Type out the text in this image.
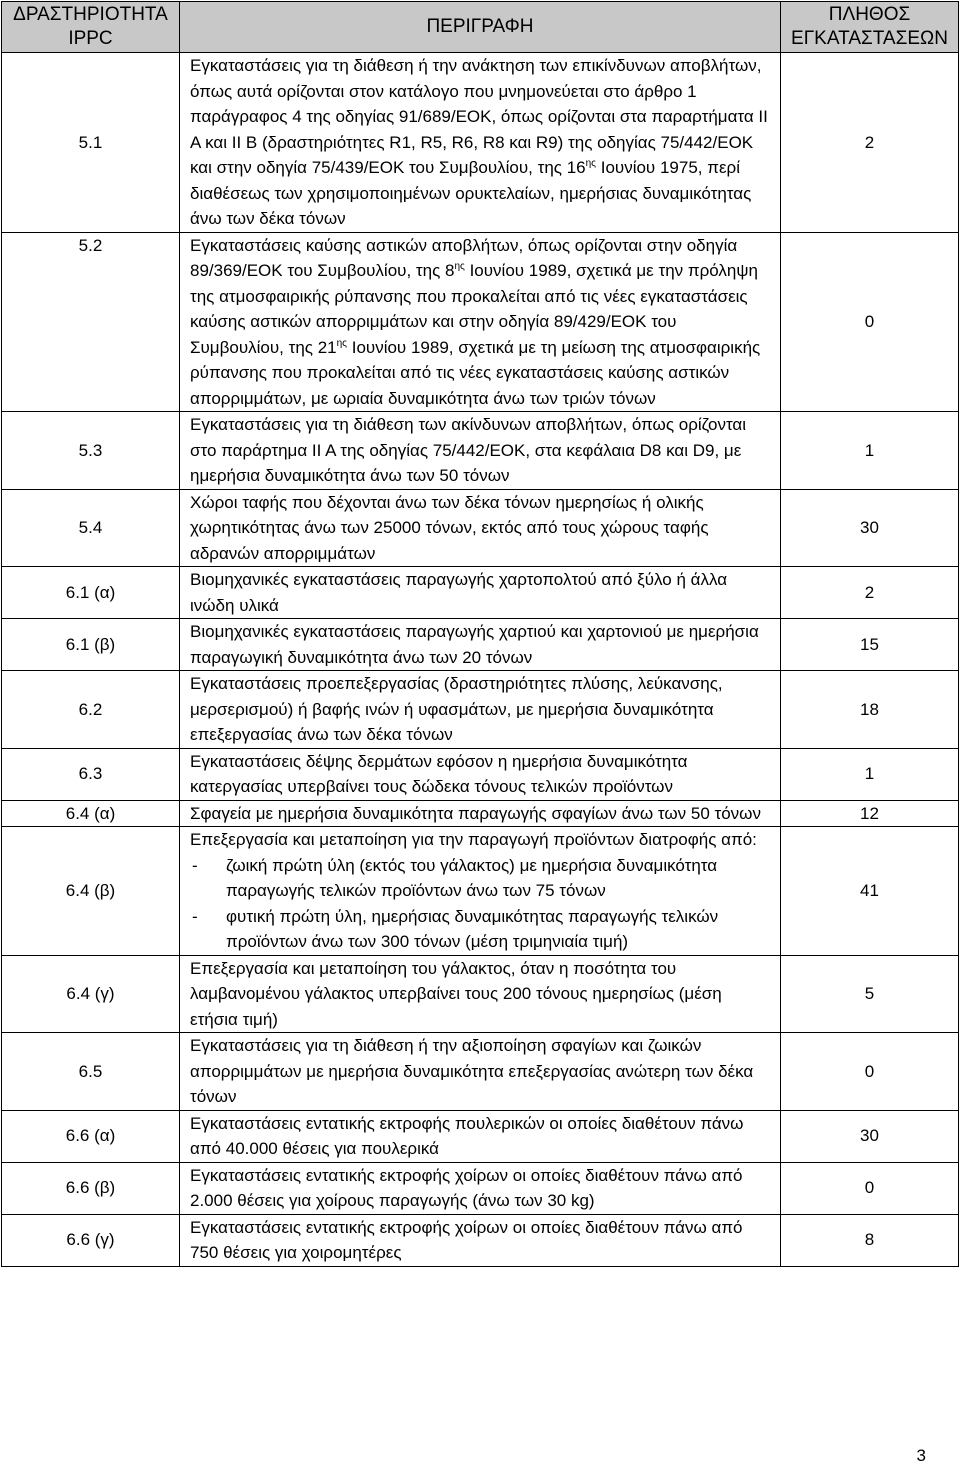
ΔΡΑΣΤΗΡΙΟΤΗΤΑ IPPC	ΠΕΡΙΓΡΑΦΗ	ΠΛΗΘΟΣ ΕΓΚΑΤΑΣΤΑΣΕΩΝ
5.1	Εγκαταστάσεις για τη διάθεση ή την ανάκτηση των επικίνδυνων αποβλήτων, όπως αυτά ορίζονται στον κατάλογο που μνημονεύεται στο άρθρο 1 παράγραφος 4 της οδηγίας 91/689/ΕΟΚ, όπως ορίζονται στα παραρτήματα ΙΙ Α και ΙΙ Β (δραστηριότητες R1, R5, R6, R8 και R9) της οδηγίας 75/442/ΕΟΚ και στην οδηγία 75/439/ΕΟΚ του Συμβουλίου, της $16^{\eta\varsigma}$ Ιουνίου 1975, περί διαθέσεως των χρησιμοποιημένων ορυκτελαίων, ημερήσιας δυναμικότητας άνω των δέκα τόνων	2
5.2	Εγκαταστάσεις καύσης αστικών αποβλήτων, όπως ορίζονται στην οδηγία 89/369/ΕΟΚ του Συμβουλίου, της $8^{\eta\varsigma}$ Ιουνίου 1989, σχετικά με την πρόληψη της ατμοσφαιρικής ρύπανσης που προκαλείται από τις νέες εγκαταστάσεις καύσης αστικών απορριμμάτων και στην οδηγία 89/429/ΕΟΚ του Συμβουλίου, της $21^{\eta\varsigma}$ Ιουνίου 1989, σχετικά με τη μείωση της ατμοσφαιρικής ρύπανσης που προκαλείται από τις νέες εγκαταστάσεις καύσης αστικών απορριμμάτων, με ωριαία δυναμικότητα άνω των τριών τόνων	0
5.3	Εγκαταστάσεις για τη διάθεση των ακίνδυνων αποβλήτων, όπως ορίζονται στο παράρτημα ΙΙ Α της οδηγίας 75/442/ΕΟΚ, στα κεφάλαια D8 και D9, με ημερήσια δυναμικότητα άνω των 50 τόνων	1
5.4	Χώροι ταφής που δέχονται άνω των δέκα τόνων ημερησίως ή ολικής χωρητικότητας άνω των 25000 τόνων, εκτός από τους χώρους ταφής αδρανών απορριμμάτων	30
6.1 (α)	Βιομηχανικές εγκαταστάσεις παραγωγής χαρτοπολτού από ξύλο ή άλλα ινώδη υλικά	2
6.1 (β)	Βιομηχανικές εγκαταστάσεις παραγωγής χαρτιού και χαρτονιού με ημερήσια παραγωγική δυναμικότητα άνω των 20 τόνων	15
6.2	Εγκαταστάσεις προεπεξεργασίας (δραστηριότητες πλύσης, λεύκανσης, μερσερισμού) ή βαφής ινών ή υφασμάτων, με ημερήσια δυναμικότητα επεξεργασίας άνω των δέκα τόνων	18
6.3	Εγκαταστάσεις δέψης δερμάτων εφόσον η ημερήσια δυναμικότητα κατεργασίας υπερβαίνει τους δώδεκα τόνους τελικών προϊόντων	1
6.4 (α)	Σφαγεία με ημερήσια δυναμικότητα παραγωγής σφαγίων άνω των 50 τόνων	12
6.4 (β)	Επεξεργασία και μεταποίηση για την παραγωγή προϊόντων διατροφής από:
- ζωική πρώτη ύλη (εκτός του γάλακτος) με ημερήσια δυναμικότητα παραγωγής τελικών προϊόντων άνω των 75 τόνων
- φυτική πρώτη ύλη, ημερήσιας δυναμικότητας παραγωγής τελικών προϊόντων άνω των 300 τόνων (μέση τριμηνιαία τιμή)	41
6.4 (γ)	Επεξεργασία και μεταποίηση του γάλακτος, όταν η ποσότητα του λαμβανομένου γάλακτος υπερβαίνει τους 200 τόνους ημερησίως (μέση ετήσια τιμή)	5
6.5	Εγκαταστάσεις για τη διάθεση ή την αξιοποίηση σφαγίων και ζωικών απορριμμάτων με ημερήσια δυναμικότητα επεξεργασίας ανώτερη των δέκα τόνων	0
6.6 (α)	Εγκαταστάσεις εντατικής εκτροφής πουλερικών οι οποίες διαθέτουν πάνω από 40.000 θέσεις για πουλερικά	30
6.6 (β)	Εγκαταστάσεις εντατικής εκτροφής χοίρων οι οποίες διαθέτουν πάνω από 2.000 θέσεις για χοίρους παραγωγής (άνω των 30 kg)	0
6.6 (γ)	Εγκαταστάσεις εντατικής εκτροφής χοίρων οι οποίες διαθέτουν πάνω από 750 θέσεις για χοιρομητέρες	8
3
